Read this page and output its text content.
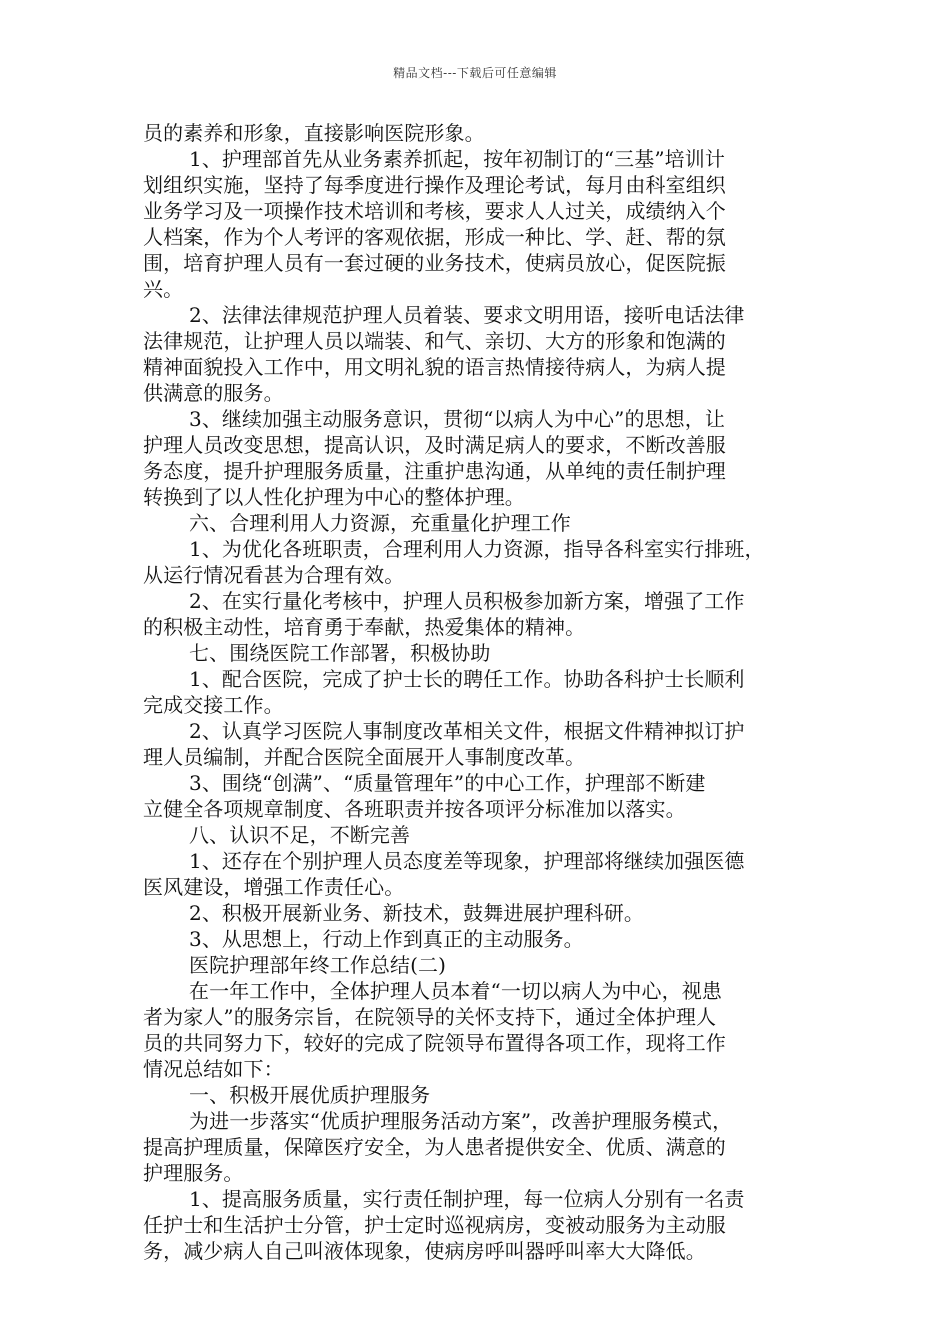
精品文档---下载后可任意编辑
员的素养和形象，直接影响医院形象。
1、护理部首先从业务素养抓起，按年初制订的“三基”培训计
划组织实施，坚持了每季度进行操作及理论考试，每月由科室组织
业务学习及一项操作技术培训和考核，要求人人过关，成绩纳入个
人档案，作为个人考评的客观依据，形成一种比、学、赶、帮的氛
围，培育护理人员有一套过硬的业务技术，使病员放心，促医院振
兴。
2、法律法律规范护理人员着装、要求文明用语，接听电话法律
法律规范，让护理人员以端装、和气、亲切、大方的形象和饱满的
精神面貌投入工作中，用文明礼貌的语言热情接待病人，为病人提
供满意的服务。
3、继续加强主动服务意识，贯彻“以病人为中心”的思想，让
护理人员改变思想，提高认识，及时满足病人的要求，不断改善服
务态度，提升护理服务质量，注重护患沟通，从单纯的责任制护理
转换到了以人性化护理为中心的整体护理。
六、合理利用人力资源，充重量化护理工作
1、为优化各班职责，合理利用人力资源，指导各科室实行排班，
从运行情况看甚为合理有效。
2、在实行量化考核中，护理人员积极参加新方案，增强了工作
的积极主动性，培育勇于奉献，热爱集体的精神。
七、围绕医院工作部署，积极协助
1、配合医院，完成了护士长的聘任工作。协助各科护士长顺利
完成交接工作。
2、认真学习医院人事制度改革相关文件，根据文件精神拟订护
理人员编制，并配合医院全面展开人事制度改革。
3、围绕“创满”、“质量管理年”的中心工作，护理部不断建
立健全各项规章制度、各班职责并按各项评分标准加以落实。
八、认识不足，不断完善
1、还存在个别护理人员态度差等现象，护理部将继续加强医德
医风建设，增强工作责任心。
2、积极开展新业务、新技术，鼓舞进展护理科研。
3、从思想上，行动上作到真正的主动服务。
医院护理部年终工作总结(二)
在一年工作中，全体护理人员本着“一切以病人为中心，视患
者为家人”的服务宗旨，在院领导的关怀支持下，通过全体护理人
员的共同努力下，较好的完成了院领导布置得各项工作，现将工作
情况总结如下：
一、积极开展优质护理服务
为进一步落实“优质护理服务活动方案”，改善护理服务模式，
提高护理质量，保障医疗安全，为人患者提供安全、优质、满意的
护理服务。
1、提高服务质量，实行责任制护理，每一位病人分别有一名责
任护士和生活护士分管，护士定时巡视病房，变被动服务为主动服
务，减少病人自己叫液体现象，使病房呼叫器呼叫率大大降低。
